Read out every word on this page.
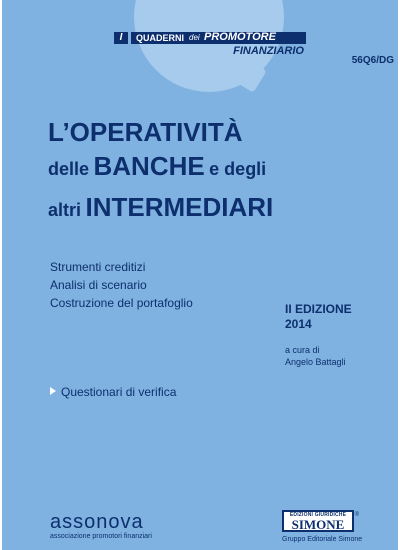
I	QUADERNI dei PROMOTORE
FINANZIARIO
56Q6/DG
L’OPERATIVITÀ
delle BANCHE e degli
altri INTERMEDIARI
Strumenti creditizi
Analisi di scenario
Costruzione del portafoglio	II EDIZIONE
2014
a cura di
Angelo Battagli
Questionari di verifica
assonova
associazione promotori finanziari
EDIZIONI GIURIDICHE
SIMONE
®
Gruppo Editoriale Simone
